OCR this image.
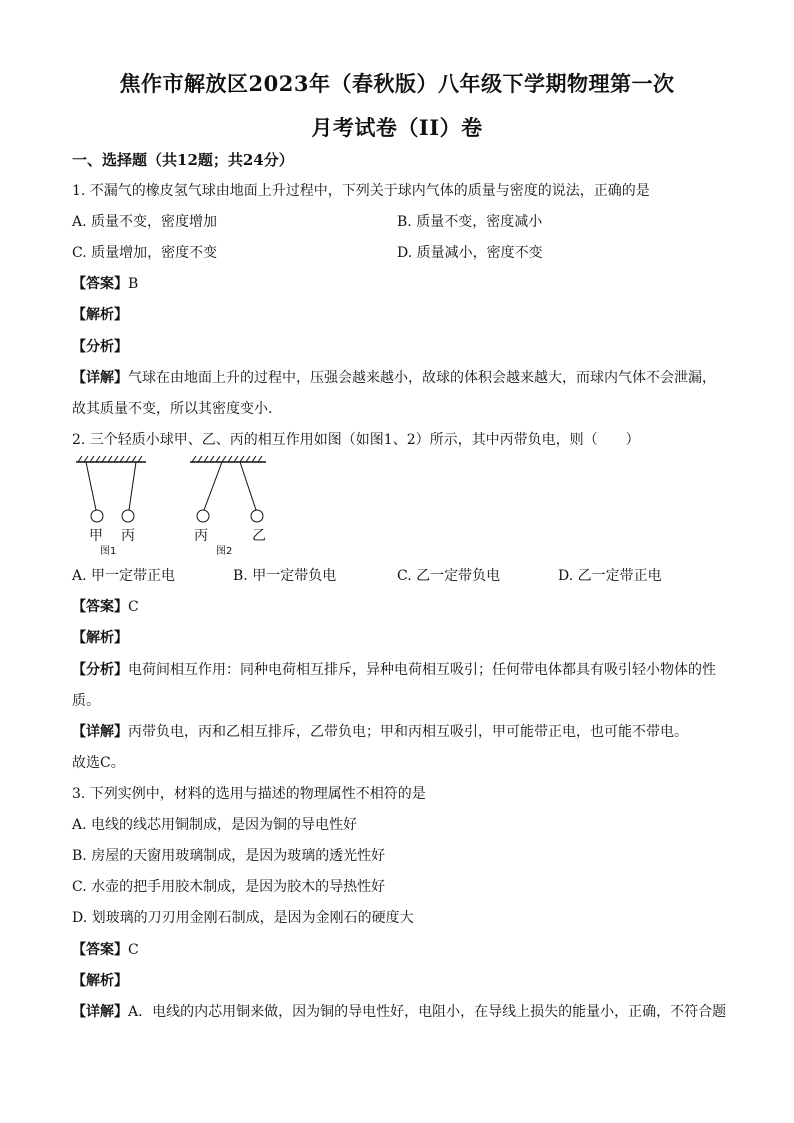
焦作市解放区2023年（春秋版）八年级下学期物理第一次
月考试卷（II）卷
一、选择题（共12题；共24分）
1. 不漏气的橡皮氢气球由地面上升过程中，下列关于球内气体的质量与密度的说法，正确的是
A. 质量不变，密度增加	B. 质量不变，密度减小
C. 质量增加，密度不变	D. 质量减小，密度不变
【答案】B
【解析】
【分析】
【详解】气球在由地面上升的过程中，压强会越来越小，故球的体积会越来越大，而球内气体不会泄漏，
故其质量不变，所以其密度变小．
2. 三个轻质小球甲、乙、丙的相互作用如图（如图1、2）所示，其中丙带负电，则（　　）
甲 丙
图1
丙	乙
图2
A. 甲一定带正电	B. 甲一定带负电	C. 乙一定带负电	D. 乙一定带正电
【答案】C
【解析】
【分析】电荷间相互作用：同种电荷相互排斥，异种电荷相互吸引；任何带电体都具有吸引轻小物体的性
质。
【详解】丙带负电，丙和乙相互排斥，乙带负电；甲和丙相互吸引，甲可能带正电，也可能不带电。
故选C。
3. 下列实例中，材料的选用与描述的物理属性不相符的是
A. 电线的线芯用铜制成，是因为铜的导电性好
B. 房屋的天窗用玻璃制成，是因为玻璃的透光性好
C. 水壶的把手用胶木制成，是因为胶木的导热性好
D. 划玻璃的刀刃用金刚石制成，是因为金刚石的硬度大
【答案】C
【解析】
【详解】A．电线的内芯用铜来做，因为铜的导电性好，电阻小，在导线上损失的能量小，正确，不符合题
